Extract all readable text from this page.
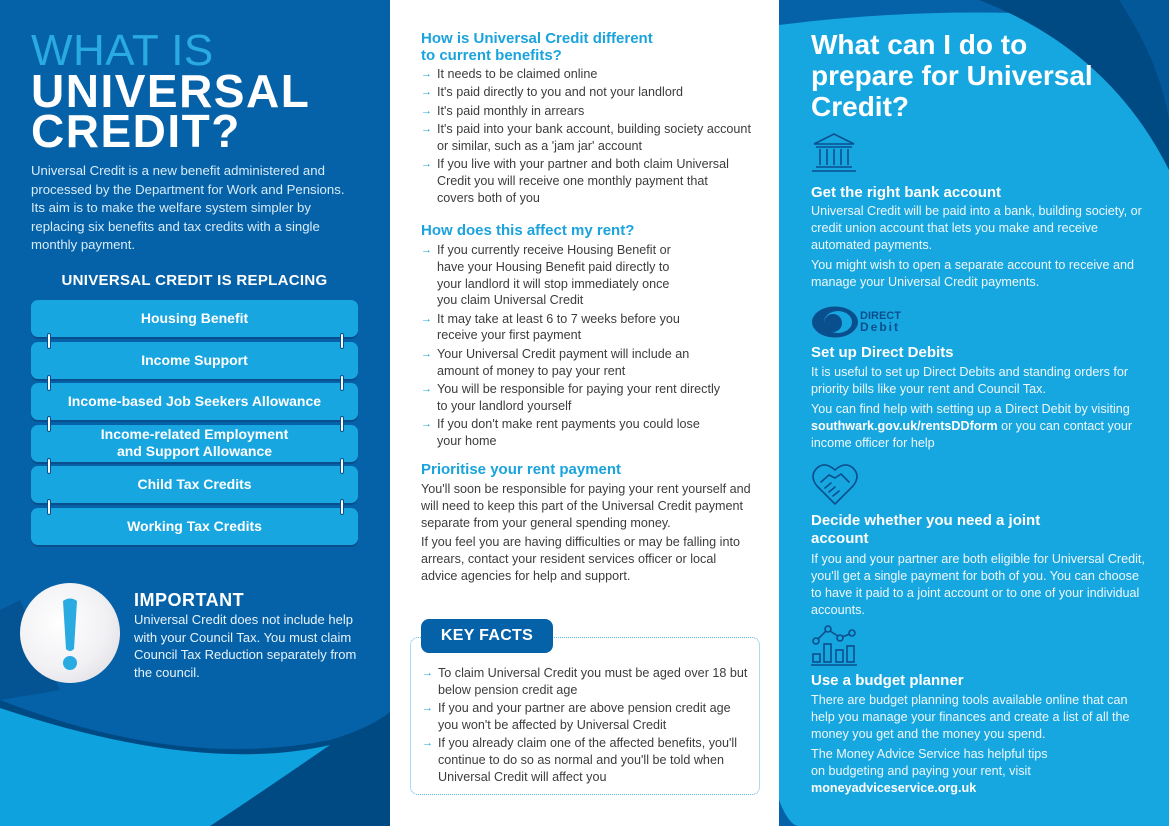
WHAT IS
UNIVERSAL
CREDIT?
Universal Credit is a new benefit administered and processed by the Department for Work and Pensions. Its aim is to make the welfare system simpler by replacing six benefits and tax credits with a single monthly payment.
UNIVERSAL CREDIT IS REPLACING
Housing Benefit
Income Support
Income-based Job Seekers Allowance
Income-related Employment
and Support Allowance
Child Tax Credits
Working Tax Credits
IMPORTANT
Universal Credit does not include help with your Council Tax. You must claim Council Tax Reduction separately from the council.
How is Universal Credit different to current benefits?
→ It needs to be claimed online
→ It's paid directly to you and not your landlord
→ It's paid monthly in arrears
→ It's paid into your bank account, building society account or similar, such as a 'jam jar' account
→ If you live with your partner and both claim Universal Credit you will receive one monthly payment that covers both of you
How does this affect my rent?
→ If you currently receive Housing Benefit or have your Housing Benefit paid directly to your landlord it will stop immediately once you claim Universal Credit
→ It may take at least 6 to 7 weeks before you receive your first payment
→ Your Universal Credit payment will include an amount of money to pay your rent
→ You will be responsible for paying your rent directly to your landlord yourself
→ If you don't make rent payments you could lose your home
Prioritise your rent payment

You'll soon be responsible for paying your rent yourself and will need to keep this part of the Universal Credit payment separate from your general spending money.

If you feel you are having difficulties or may be falling into arrears, contact your resident services officer or local advice agencies for help and support.

KEY FACTS
→ To claim Universal Credit you must be aged over 18 but below pension credit age
→ If you and your partner are above pension credit age you won't be affected by Universal Credit
→ If you already claim one of the affected benefits, you'll continue to do so as normal and you'll be told when Universal Credit will affect you
What can I do to prepare for Universal Credit?
Get the right bank account

Universal Credit will be paid into a bank, building society, or credit union account that lets you make and receive automated payments.

You might wish to open a separate account to receive and manage your Universal Credit payments.

DIRECT
Debit
Set up Direct Debits

It is useful to set up Direct Debits and standing orders for priority bills like your rent and Council Tax.

You can find help with setting up a Direct Debit by visiting southwark.gov.uk/rentsDDform or you can contact your income officer for help

Decide whether you need a joint account

If you and your partner are both eligible for Universal Credit, you'll get a single payment for both of you. You can choose to have it paid to a joint account or to one of your individual accounts.

Use a budget planner

There are budget planning tools available online that can help you manage your finances and create a list of all the money you get and the money you spend.

The Money Advice Service has helpful tips on budgeting and paying your rent, visit moneyadviceservice.org.uk
